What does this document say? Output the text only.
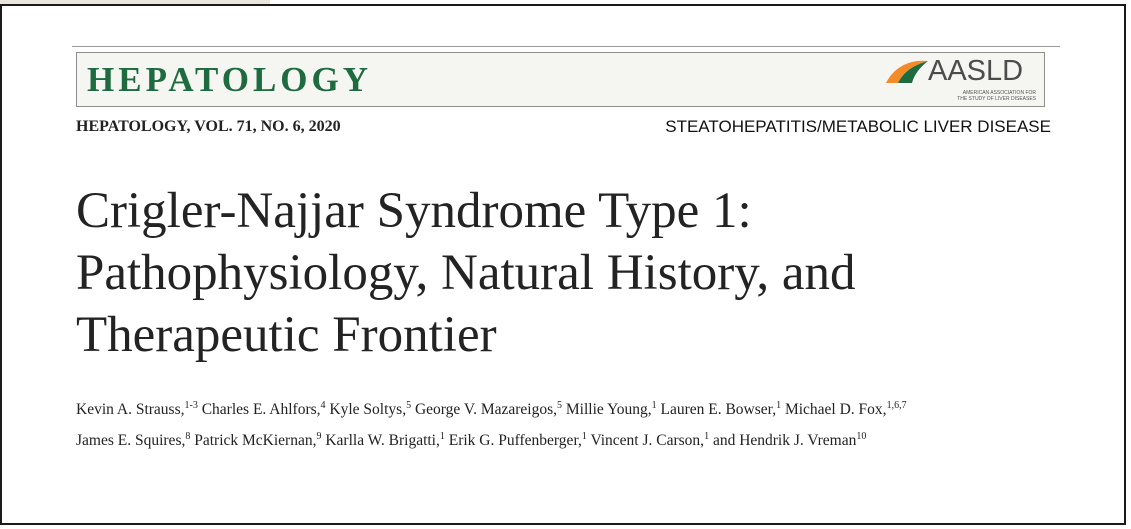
HEPATOLOGY	AASLD
AMERICAN ASSOCIATION FOR
THE STUDY OF LIVER DISEASES
HEPATOLOGY, VOL. 71, NO. 6, 2020	STEATOHEPATITIS/METABOLIC LIVER DISEASE
Crigler-Najjar Syndrome Type 1:
Pathophysiology, Natural History, and
Therapeutic Frontier
Kevin A. Strauss,$^{1-3}$ Charles E. Ahlfors,$^4$ Kyle Soltys,$^5$ George V. Mazareigos,$^5$ Millie Young,$^1$ Lauren E. Bowser,$^1$ Michael D. Fox,$^{1,6,7}$
James E. Squires,$^8$ Patrick McKiernan,$^9$ Karlla W. Brigatti,$^1$ Erik G. Puffenberger,$^1$ Vincent J. Carson,$^1$ and Hendrik J. Vreman$^{10}$
